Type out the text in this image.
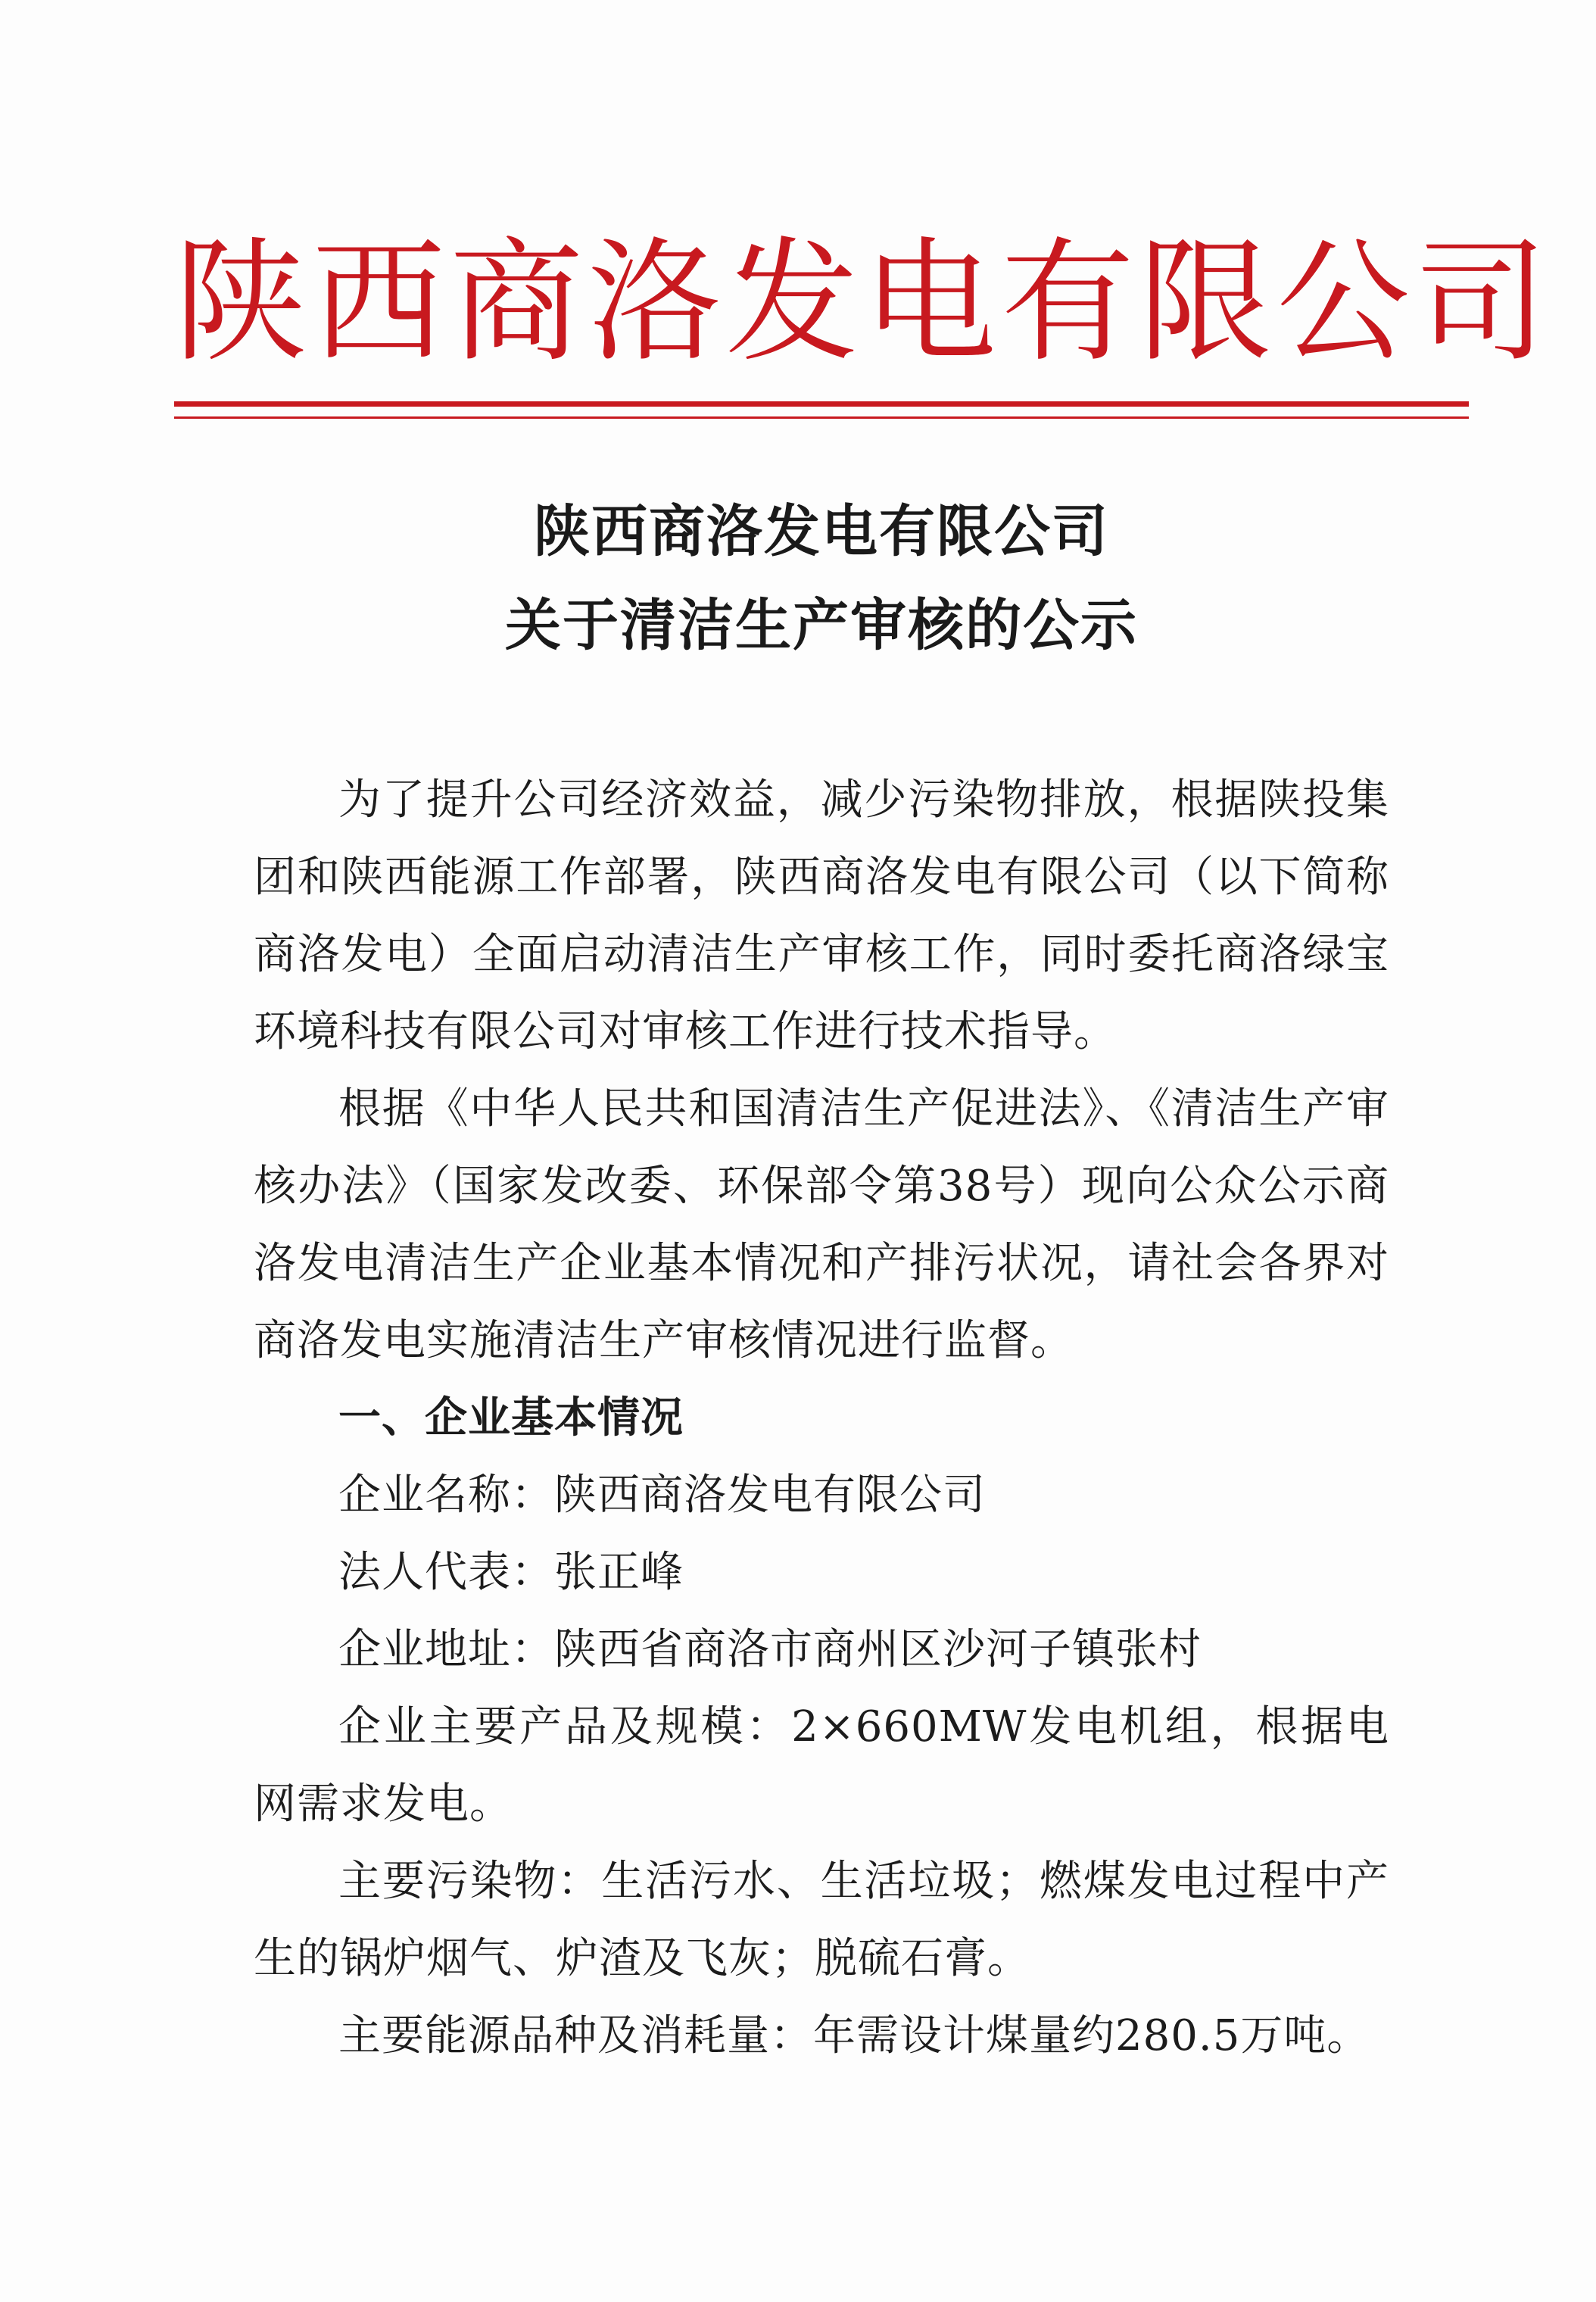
陕西商洛发电有限公司
陕西商洛发电有限公司
关于清洁生产审核的公示

为了提升公司经济效益，减少污染物排放，根据陕投集团和陕西能源工作部署，陕西商洛发电有限公司（以下简称商洛发电）全面启动清洁生产审核工作，同时委托商洛绿宝环境科技有限公司对审核工作进行技术指导。

根据《中华人民共和国清洁生产促进法》、《清洁生产审核办法》（国家发改委、环保部令第38号）现向公众公示商洛发电清洁生产企业基本情况和产排污状况，请社会各界对商洛发电实施清洁生产审核情况进行监督。

一、企业基本情况

企业名称：陕西商洛发电有限公司

法人代表：张正峰

企业地址：陕西省商洛市商州区沙河子镇张村

企业主要产品及规模：2×660MW发电机组，根据电网需求发电。

主要污染物：生活污水、生活垃圾；燃煤发电过程中产生的锅炉烟气、炉渣及飞灰；脱硫石膏。

主要能源品种及消耗量：年需设计煤量约280.5万吨。
